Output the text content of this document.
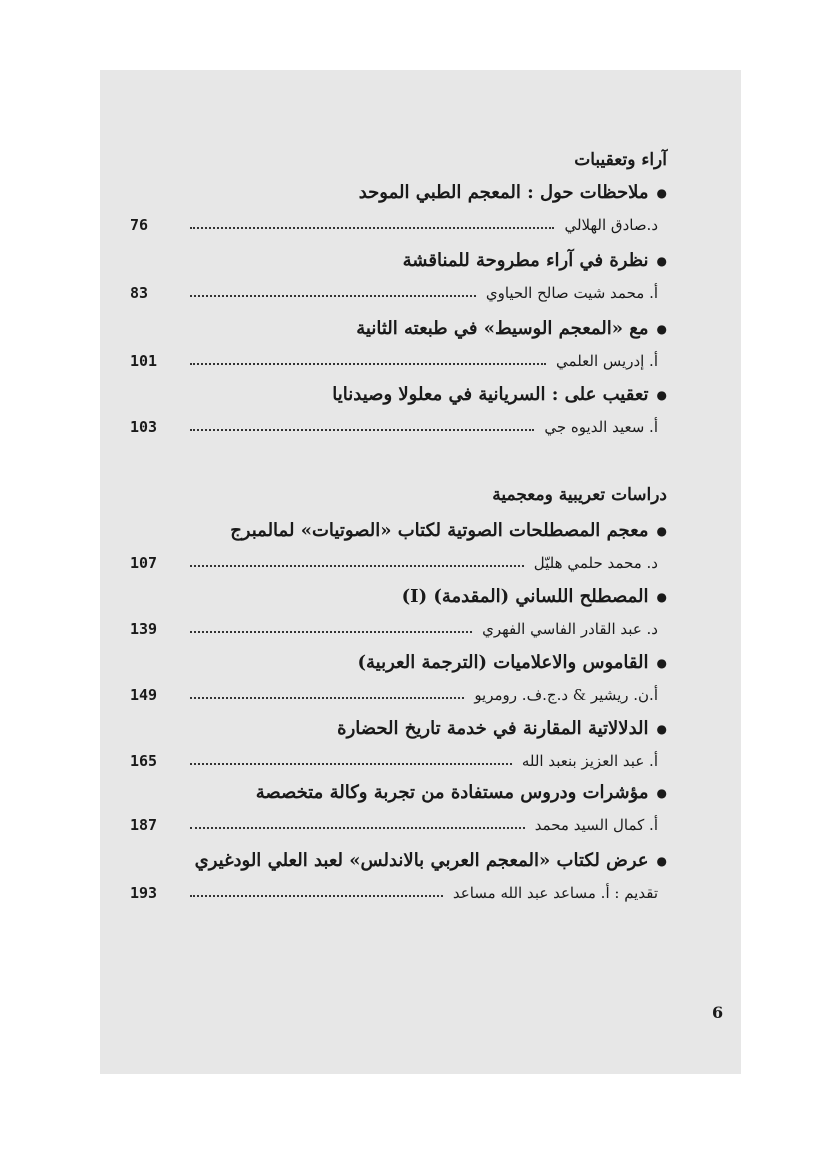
آراء وتعقيبات
●ملاحظات حول : المعجم الطبي الموحد
د.صادق الهلالي
76
●نظرة في آراء مطروحة للمناقشة
أ. محمد شيت صالح الحياوي
83
●مع «المعجم الوسيط» في طبعته الثانية
أ. إدريس العلمي
101
●تعقيب على : السريانية في معلولا وصيدنايا
أ. سعيد الديوه جي
103
دراسات تعريبية ومعجمية
●معجم المصطلحات الصوتية لكتاب «الصوتيات» لمالمبرج
د. محمد حلمي هليّل
107
●المصطلح اللساني (المقدمة) (I)
د. عبد القادر الفاسي الفهري
139
●القاموس والاعلاميات (الترجمة العربية)
أ.ن. ريشير & د.ج.ف. رومريو
149
●الدلالاتية المقارنة في خدمة تاريخ الحضارة
أ. عبد العزيز بنعبد الله
165
●مؤشرات ودروس مستفادة من تجربة وكالة متخصصة
أ. كمال السيد محمد
187
●عرض لكتاب «المعجم العربي بالاندلس» لعبد العلي الودغيري
تقديم : أ. مساعد عبد الله مساعد
193
6
